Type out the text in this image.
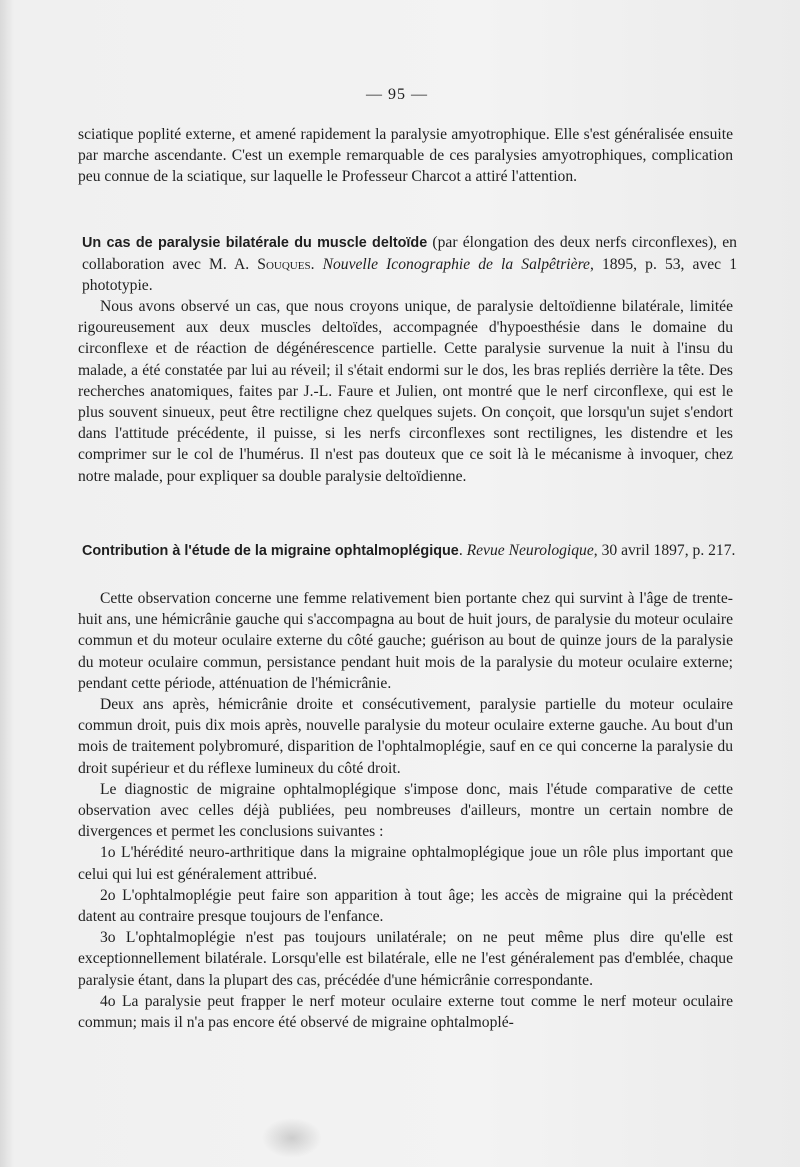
— 95 —

sciatique poplité externe, et amené rapidement la paralysie amyotrophique. Elle s'est généralisée ensuite par marche ascendante. C'est un exemple remarquable de ces paralysies amyotrophiques, complication peu connue de la sciatique, sur laquelle le Professeur Charcot a attiré l'attention.

Un cas de paralysie bilatérale du muscle deltoïde (par élongation des deux nerfs circonflexes), en collaboration avec M. A. Souques. Nouvelle Iconographie de la Salpêtrière, 1895, p. 53, avec 1 phototypie.

Nous avons observé un cas, que nous croyons unique, de paralysie deltoïdienne bilatérale, limitée rigoureusement aux deux muscles deltoïdes, accompagnée d'hypoesthésie dans le domaine du circonflexe et de réaction de dégénérescence partielle. Cette paralysie survenue la nuit à l'insu du malade, a été constatée par lui au réveil; il s'était endormi sur le dos, les bras repliés derrière la tête. Des recherches anatomiques, faites par J.-L. Faure et Julien, ont montré que le nerf circonflexe, qui est le plus souvent sinueux, peut être rectiligne chez quelques sujets. On conçoit, que lorsqu'un sujet s'endort dans l'attitude précédente, il puisse, si les nerfs circonflexes sont rectilignes, les distendre et les comprimer sur le col de l'humérus. Il n'est pas douteux que ce soit là le mécanisme à invoquer, chez notre malade, pour expliquer sa double paralysie deltoïdienne.

Contribution à l'étude de la migraine ophtalmoplégique. Revue Neurologique, 30 avril 1897, p. 217.

Cette observation concerne une femme relativement bien portante chez qui survint à l'âge de trente-huit ans, une hémicrânie gauche qui s'accompagna au bout de huit jours, de paralysie du moteur oculaire commun et du moteur oculaire externe du côté gauche; guérison au bout de quinze jours de la paralysie du moteur oculaire commun, persistance pendant huit mois de la paralysie du moteur oculaire externe; pendant cette période, atténuation de l'hémicrânie.

Deux ans après, hémicrânie droite et consécutivement, paralysie partielle du moteur oculaire commun droit, puis dix mois après, nouvelle paralysie du moteur oculaire externe gauche. Au bout d'un mois de traitement polybromuré, disparition de l'ophtalmoplégie, sauf en ce qui concerne la paralysie du droit supérieur et du réflexe lumineux du côté droit.

Le diagnostic de migraine ophtalmoplégique s'impose donc, mais l'étude comparative de cette observation avec celles déjà publiées, peu nombreuses d'ailleurs, montre un certain nombre de divergences et permet les conclusions suivantes :

1o L'hérédité neuro-arthritique dans la migraine ophtalmoplégique joue un rôle plus important que celui qui lui est généralement attribué.

2o L'ophtalmoplégie peut faire son apparition à tout âge; les accès de migraine qui la précèdent datent au contraire presque toujours de l'enfance.

3o L'ophtalmoplégie n'est pas toujours unilatérale; on ne peut même plus dire qu'elle est exceptionnellement bilatérale. Lorsqu'elle est bilatérale, elle ne l'est généralement pas d'emblée, chaque paralysie étant, dans la plupart des cas, précédée d'une hémicrânie correspondante.

4o La paralysie peut frapper le nerf moteur oculaire externe tout comme le nerf moteur oculaire commun; mais il n'a pas encore été observé de migraine ophtalmoplé-
